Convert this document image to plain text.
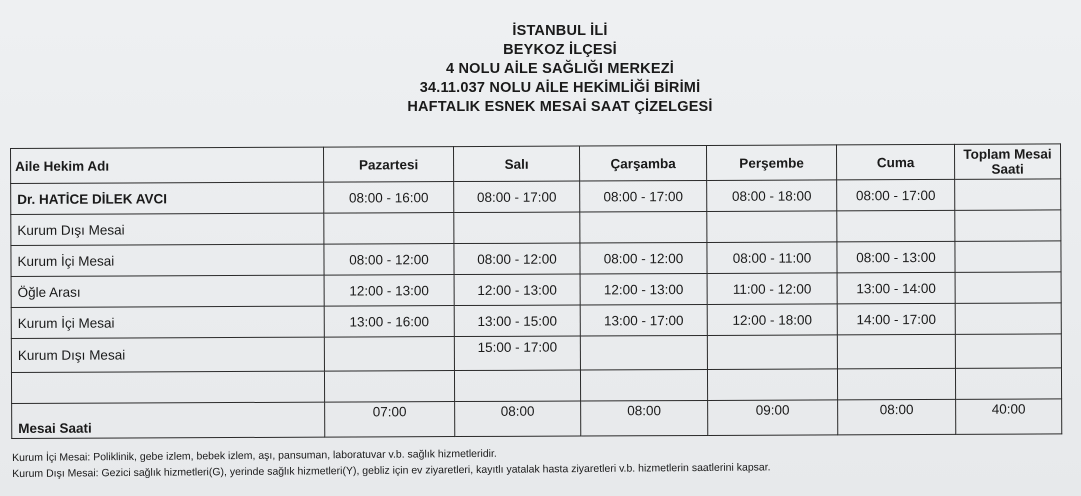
İSTANBUL İLİ
BEYKOZ İLÇESİ
4 NOLU AİLE SAĞLIĞI MERKEZİ
34.11.037 NOLU AİLE HEKİMLİĞİ BİRİMİ
HAFTALIK ESNEK MESAİ SAAT ÇİZELGESİ
Aile Hekim Adı	Pazartesi	Salı	Çarşamba	Perşembe	Cuma	Toplam Mesai Saati
Dr. HATİCE DİLEK AVCI	08:00 - 16:00	08:00 - 17:00	08:00 - 17:00	08:00 - 18:00	08:00 - 17:00	
Kurum Dışı Mesai						
Kurum İçi Mesai	08:00 - 12:00	08:00 - 12:00	08:00 - 12:00	08:00 - 11:00	08:00 - 13:00	
Öğle Arası	12:00 - 13:00	12:00 - 13:00	12:00 - 13:00	11:00 - 12:00	13:00 - 14:00	
Kurum İçi Mesai	13:00 - 16:00	13:00 - 15:00	13:00 - 17:00	12:00 - 18:00	14:00 - 17:00	
Kurum Dışı Mesai		15:00 - 17:00				

Mesai Saati	07:00	08:00	08:00	09:00	08:00	40:00
Kurum İçi Mesai: Poliklinik, gebe izlem, bebek izlem, aşı, pansuman, laboratuvar v.b. sağlık hizmetleridir.
Kurum Dışı Mesai: Gezici sağlık hizmetleri(G), yerinde sağlık hizmetleri(Y), gebliz için ev ziyaretleri, kayıtlı yatalak hasta ziyaretleri v.b. hizmetlerin saatlerini kapsar.
